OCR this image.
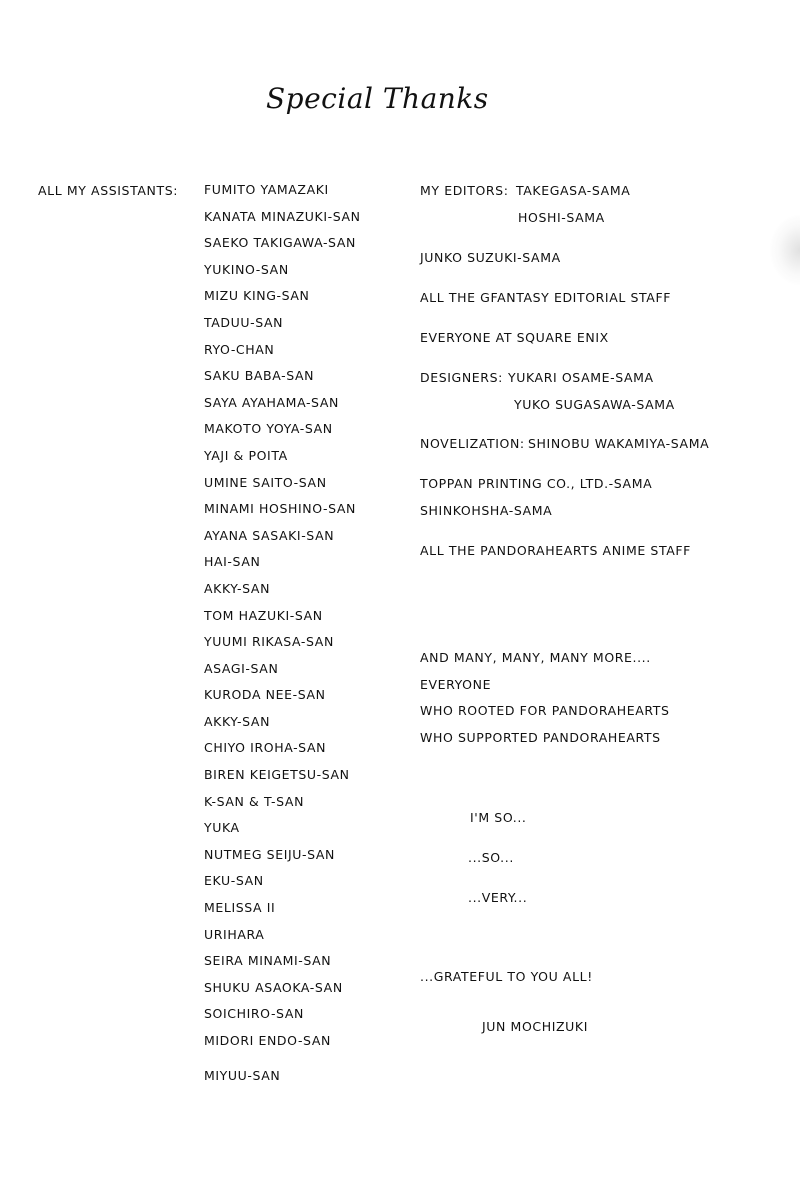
Special Thanks
ALL MY ASSISTANTS: FUMITO YAMAZAKI
KANATA MINAZUKI-SAN
SAEKO TAKIGAWA-SAN
YUKINO-SAN
MIZU KING-SAN
TADUU-SAN
RYO-CHAN
SAKU BABA-SAN
SAYA AYAHAMA-SAN
MAKOTO YOYA-SAN
YAJI & POITA
UMINE SAITO-SAN
MINAMI HOSHINO-SAN
AYANA SASAKI-SAN
HAI-SAN
AKKY-SAN
TOM HAZUKI-SAN
YUUMI RIKASA-SAN
ASAGI-SAN
KURODA NEE-SAN
AKKY-SAN
CHIYO IROHA-SAN
BIREN KEIGETSU-SAN
K-SAN & T-SAN
YUKA
NUTMEG SEIJU-SAN
EKU-SAN
MELISSA II
URIHARA
SEIRA MINAMI-SAN
SHUKU ASAOKA-SAN
SOICHIRO-SAN
MIDORI ENDO-SAN
MIYUU-SAN
MY EDITORS: TAKEGASA-SAMA
HOSHI-SAMA
JUNKO SUZUKI-SAMA
ALL THE GFANTASY EDITORIAL STAFF
EVERYONE AT SQUARE ENIX
DESIGNERS: YUKARI OSAME-SAMA
YUKO SUGASAWA-SAMA
NOVELIZATION: SHINOBU WAKAMIYA-SAMA
TOPPAN PRINTING CO., LTD.-SAMA
SHINKOHSHA-SAMA
ALL THE PANDORAHEARTS ANIME STAFF
AND MANY, MANY, MANY MORE....
EVERYONE
WHO ROOTED FOR PANDORAHEARTS
WHO SUPPORTED PANDORAHEARTS
I'M SO...
...SO...
...VERY...
...GRATEFUL TO YOU ALL!
JUN MOCHIZUKI
